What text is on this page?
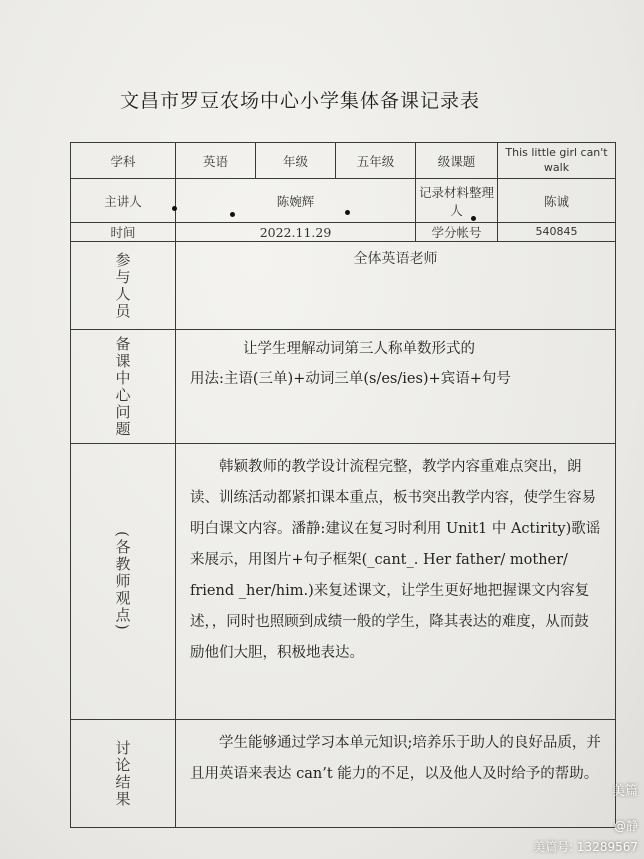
文昌市罗豆农场中心小学集体备课记录表
学科	英语	年级	五年级	级课题	This little girl can't walk
主讲人	陈婉辉			记录材料整理人	陈诚
时间	2022.11.29			学分帐号	540845

参与人员	全体英语老师				

备课中心问题	让学生理解动词第三人称单数形式的
用法:主语(三单)+动词三单(s/es/ies)+宾语+句号				

(各教师观点)	韩颖教师的教学设计流程完整，教学内容重难点突出，朗读、训练活动都紧扣课本重点，板书突出教学内容，使学生容易明白课文内容。潘静:建议在复习时利用 Unit1 中 Actirity)歌谣来展示，用图片+句子框架(_cant_. Her father/ mother/ friend _her/him.)来复述课文，让学生更好地把握课文内容复述，，同时也照顾到成绩一般的学生，降其表达的难度，从而鼓励他们大胆，积极地表达。				

讨论结果	学生能够通过学习本单元知识;培养乐于助人的良好品质，并且用英语来表达 can’t 能力的不足，以及他人及时给予的帮助。				
美篇
@静
美篇号: 13289567
